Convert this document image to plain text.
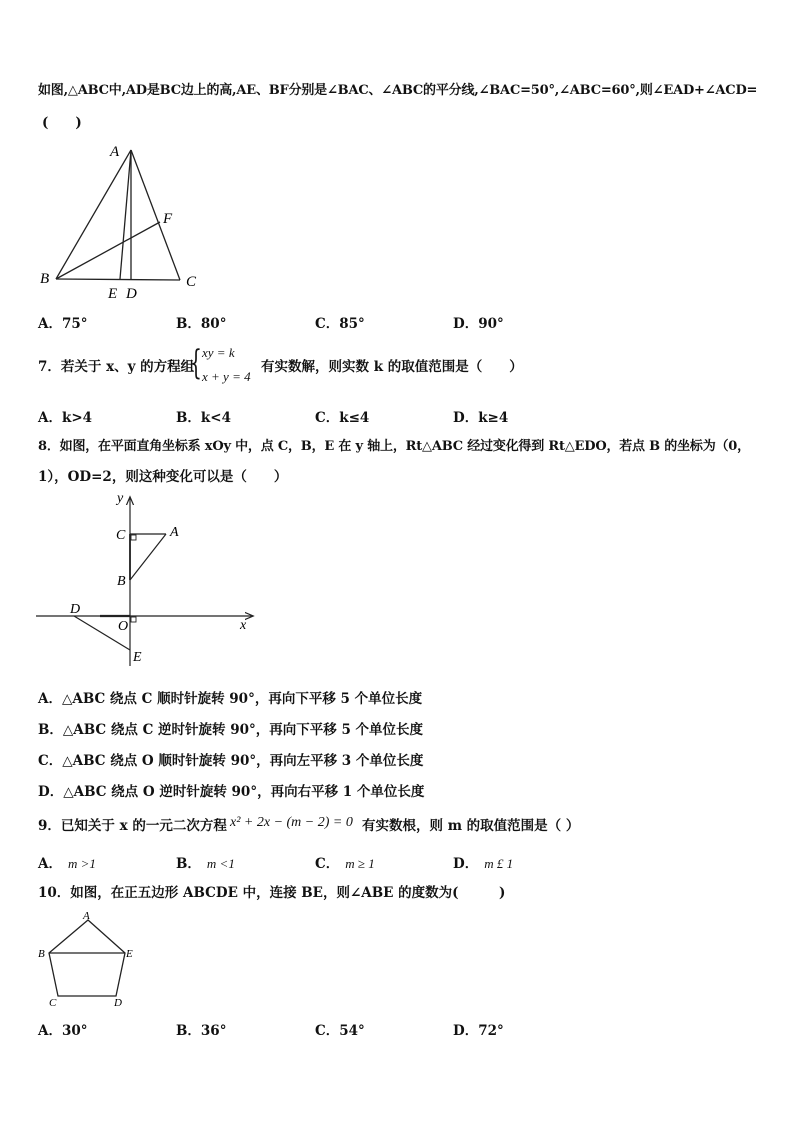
如图,△ABC中,AD是BC边上的高,AE、BF分别是∠BAC、∠ABC的平分线,∠BAC=50°,∠ABC=60°,则∠EAD+∠ACD=
(　　)
A
B	C
D
E
F
A．75°	B．80°	C．85°	D．90°
7．若关于 x、y 的方程组
{ xy = k
x + y = 4
有实数解，则实数 k 的取值范围是（　　）
A．k>4	B．k<4	C．k≤4	D．k≥4
8．如图，在平面直角坐标系 xOy 中，点 C，B，E 在 y 轴上，Rt△ABC 经过变化得到 Rt△EDO，若点 B 的坐标为（0，
1），OD=2，则这种变化可以是（　　）
y
x
C	A
B
D
O
E
A．△ABC 绕点 C 顺时针旋转 90°，再向下平移 5 个单位长度
B．△ABC 绕点 C 逆时针旋转 90°，再向下平移 5 个单位长度
C．△ABC 绕点 O 顺时针旋转 90°，再向左平移 3 个单位长度
D．△ABC 绕点 O 逆时针旋转 90°，再向右平移 1 个单位长度
9．已知关于 x 的一元二次方程 x² + 2x − (m − 2) = 0 有实数根，则 m 的取值范围是（ ）
A． m >1	B． m <1	C． m ≥ 1	D． m £ 1
10．如图，在正五边形 ABCDE 中，连接 BE，则∠ABE 的度数为(　　　)
A
B
C	D
E
A．30°	B．36°	C．54°	D．72°
